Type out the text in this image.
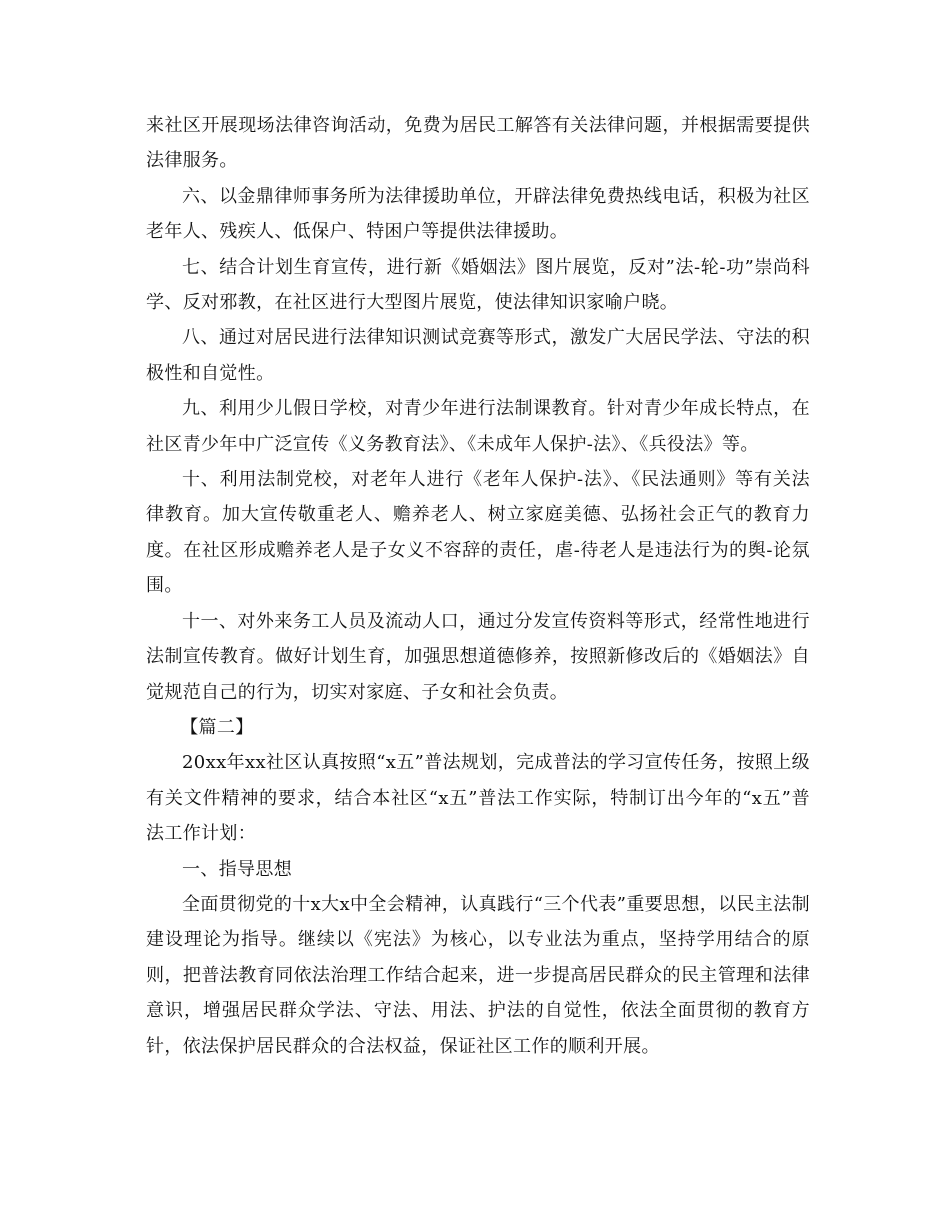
来社区开展现场法律咨询活动，免费为居民工解答有关法律问题，并根据需要提供法律服务。

六、以金鼎律师事务所为法律援助单位，开辟法律免费热线电话，积极为社区老年人、残疾人、低保户、特困户等提供法律援助。

七、结合计划生育宣传，进行新《婚姻法》图片展览，反对”法-轮-功”崇尚科学、反对邪教，在社区进行大型图片展览，使法律知识家喻户晓。

八、通过对居民进行法律知识测试竞赛等形式，激发广大居民学法、守法的积极性和自觉性。

九、利用少儿假日学校，对青少年进行法制课教育。针对青少年成长特点，在社区青少年中广泛宣传《义务教育法》、《未成年人保护-法》、《兵役法》等。

十、利用法制党校，对老年人进行《老年人保护-法》、《民法通则》等有关法律教育。加大宣传敬重老人、赡养老人、树立家庭美德、弘扬社会正气的教育力度。在社区形成赡养老人是子女义不容辞的责任，虐-待老人是违法行为的舆-论氛围。

十一、对外来务工人员及流动人口，通过分发宣传资料等形式，经常性地进行法制宣传教育。做好计划生育，加强思想道德修养，按照新修改后的《婚姻法》自觉规范自己的行为，切实对家庭、子女和社会负责。

【篇二】

20xx年xx社区认真按照“x五”普法规划，完成普法的学习宣传任务，按照上级有关文件精神的要求，结合本社区“x五”普法工作实际，特制订出今年的“x五”普法工作计划：

一、指导思想

全面贯彻党的十x大x中全会精神，认真践行“三个代表”重要思想，以民主法制建设理论为指导。继续以《宪法》为核心，以专业法为重点，坚持学用结合的原则，把普法教育同依法治理工作结合起来，进一步提高居民群众的民主管理和法律意识，增强居民群众学法、守法、用法、护法的自觉性，依法全面贯彻的教育方针，依法保护居民群众的合法权益，保证社区工作的顺利开展。
